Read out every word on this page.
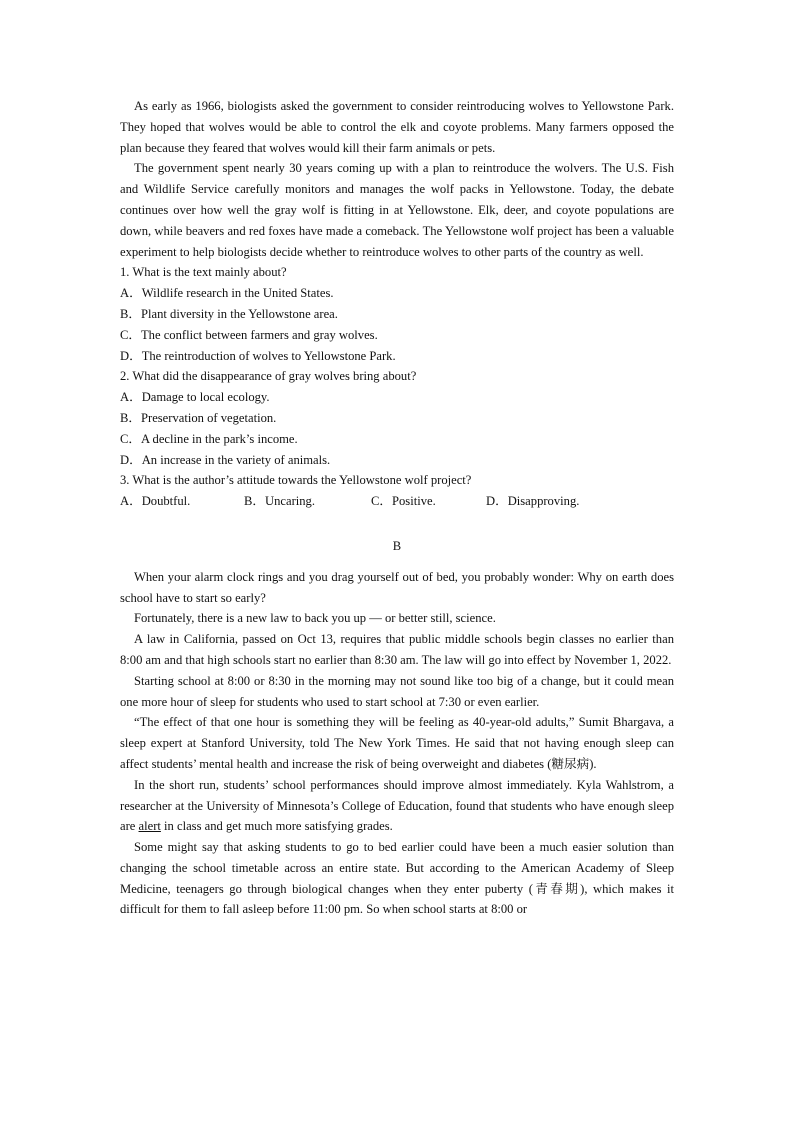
As early as 1966, biologists asked the government to consider reintroducing wolves to Yellowstone Park. They hoped that wolves would be able to control the elk and coyote problems. Many farmers opposed the plan because they feared that wolves would kill their farm animals or pets.

The government spent nearly 30 years coming up with a plan to reintroduce the wolvers. The U.S. Fish and Wildlife Service carefully monitors and manages the wolf packs in Yellowstone. Today, the debate continues over how well the gray wolf is fitting in at Yellowstone. Elk, deer, and coyote populations are down, while beavers and red foxes have made a comeback. The Yellowstone wolf project has been a valuable experiment to help biologists decide whether to reintroduce wolves to other parts of the country as well.

1. What is the text mainly about?
A．Wildlife research in the United States.
B．Plant diversity in the Yellowstone area.
C．The conflict between farmers and gray wolves.
D．The reintroduction of wolves to Yellowstone Park.
2. What did the disappearance of gray wolves bring about?
A．Damage to local ecology.
B．Preservation of vegetation.
C．A decline in the park’s income.
D．An increase in the variety of animals.
3. What is the author’s attitude towards the Yellowstone wolf project?
A．Doubtful.	B．Uncaring.	C．Positive.	D．Disapproving.
B

When your alarm clock rings and you drag yourself out of bed, you probably wonder: Why on earth does school have to start so early?

Fortunately, there is a new law to back you up — or better still, science.

A law in California, passed on Oct 13, requires that public middle schools begin classes no earlier than 8:00 am and that high schools start no earlier than 8:30 am. The law will go into effect by November 1, 2022.

Starting school at 8:00 or 8:30 in the morning may not sound like too big of a change, but it could mean one more hour of sleep for students who used to start school at 7:30 or even earlier.

“The effect of that one hour is something they will be feeling as 40-year-old adults,” Sumit Bhargava, a sleep expert at Stanford University, told The New York Times. He said that not having enough sleep can affect students’ mental health and increase the risk of being overweight and diabetes (糖尿病).

In the short run, students’ school performances should improve almost immediately. Kyla Wahlstrom, a researcher at the University of Minnesota’s College of Education, found that students who have enough sleep are alert in class and get much more satisfying grades.

Some might say that asking students to go to bed earlier could have been a much easier solution than changing the school timetable across an entire state. But according to the American Academy of Sleep Medicine, teenagers go through biological changes when they enter puberty (青春期), which makes it difficult for them to fall asleep before 11:00 pm. So when school starts at 8:00 or
